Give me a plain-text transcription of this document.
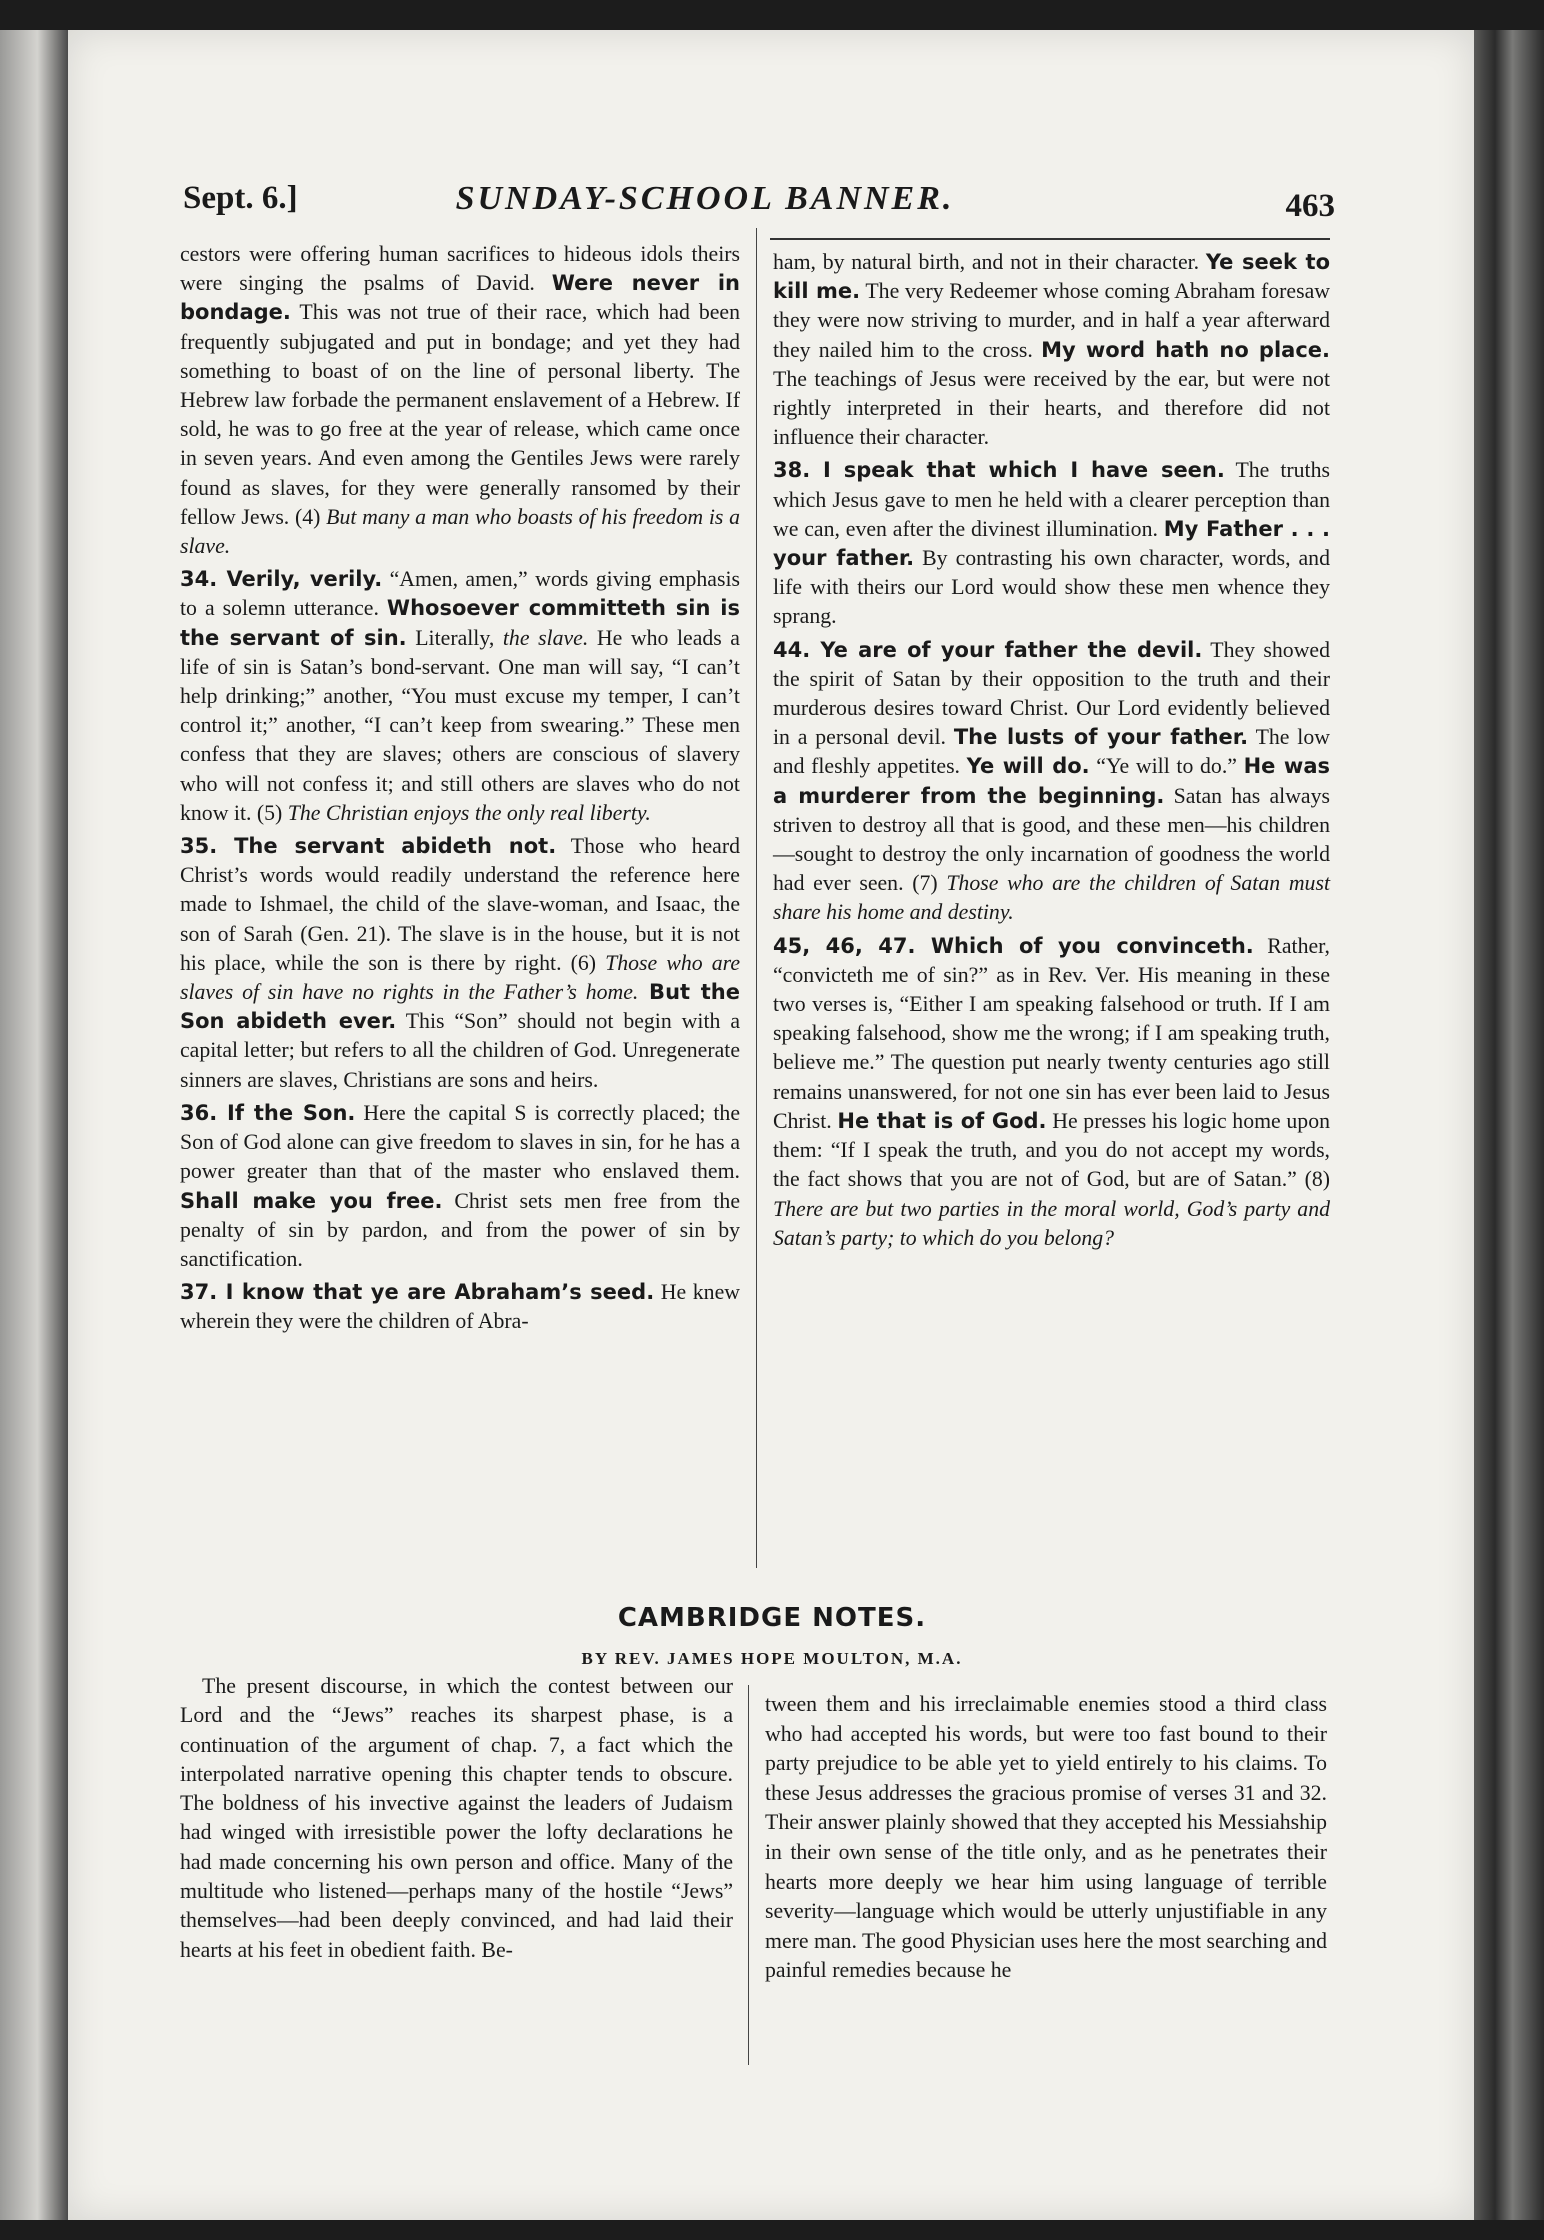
Sept. 6.]	SUNDAY-SCHOOL BANNER.	463

cestors were offering human sacrifices to hideous idols theirs were singing the psalms of David. Were never in bondage. This was not true of their race, which had been frequently subjugated and put in bondage; and yet they had something to boast of on the line of personal liberty. The Hebrew law forbade the permanent enslavement of a Hebrew. If sold, he was to go free at the year of release, which came once in seven years. And even among the Gentiles Jews were rarely found as slaves, for they were generally ransomed by their fellow Jews. (4) But many a man who boasts of his freedom is a slave.

34. Verily, verily. “Amen, amen,” words giving emphasis to a solemn utterance. Whosoever committeth sin is the servant of sin. Literally, the slave. He who leads a life of sin is Satan’s bond-servant. One man will say, “I can’t help drinking;” another, “You must excuse my temper, I can’t control it;” another, “I can’t keep from swearing.” These men confess that they are slaves; others are conscious of slavery who will not confess it; and still others are slaves who do not know it. (5) The Christian enjoys the only real liberty.

35. The servant abideth not. Those who heard Christ’s words would readily understand the reference here made to Ishmael, the child of the slave-woman, and Isaac, the son of Sarah (Gen. 21). The slave is in the house, but it is not his place, while the son is there by right. (6) Those who are slaves of sin have no rights in the Father’s home. But the Son abideth ever. This “Son” should not begin with a capital letter; but refers to all the children of God. Unregenerate sinners are slaves, Christians are sons and heirs.

36. If the Son. Here the capital S is correctly placed; the Son of God alone can give freedom to slaves in sin, for he has a power greater than that of the master who enslaved them. Shall make you free. Christ sets men free from the penalty of sin by pardon, and from the power of sin by sanctification.

37. I know that ye are Abraham’s seed. He knew wherein they were the children of Abra-

ham, by natural birth, and not in their character. Ye seek to kill me. The very Redeemer whose coming Abraham foresaw they were now striving to murder, and in half a year afterward they nailed him to the cross. My word hath no place. The teachings of Jesus were received by the ear, but were not rightly interpreted in their hearts, and therefore did not influence their character.

38. I speak that which I have seen. The truths which Jesus gave to men he held with a clearer perception than we can, even after the divinest illumination. My Father . . . your father. By contrasting his own character, words, and life with theirs our Lord would show these men whence they sprang.

44. Ye are of your father the devil. They showed the spirit of Satan by their opposition to the truth and their murderous desires toward Christ. Our Lord evidently believed in a personal devil. The lusts of your father. The low and fleshly appetites. Ye will do. “Ye will to do.” He was a murderer from the beginning. Satan has always striven to destroy all that is good, and these men—his children—sought to destroy the only incarnation of goodness the world had ever seen. (7) Those who are the children of Satan must share his home and destiny.

45, 46, 47. Which of you convinceth. Rather, “convicteth me of sin?” as in Rev. Ver. His meaning in these two verses is, “Either I am speaking falsehood or truth. If I am speaking falsehood, show me the wrong; if I am speaking truth, believe me.” The question put nearly twenty centuries ago still remains unanswered, for not one sin has ever been laid to Jesus Christ. He that is of God. He presses his logic home upon them: “If I speak the truth, and you do not accept my words, the fact shows that you are not of God, but are of Satan.” (8) There are but two parties in the moral world, God’s party and Satan’s party; to which do you belong?

CAMBRIDGE NOTES.
BY REV. JAMES HOPE MOULTON, M.A.

The present discourse, in which the contest between our Lord and the “Jews” reaches its sharpest phase, is a continuation of the argument of chap. 7, a fact which the interpolated narrative opening this chapter tends to obscure. The boldness of his invective against the leaders of Judaism had winged with irresistible power the lofty declarations he had made concerning his own person and office. Many of the multitude who listened—perhaps many of the hostile “Jews” themselves—had been deeply convinced, and had laid their hearts at his feet in obedient faith. Be-

tween them and his irreclaimable enemies stood a third class who had accepted his words, but were too fast bound to their party prejudice to be able yet to yield entirely to his claims. To these Jesus addresses the gracious promise of verses 31 and 32. Their answer plainly showed that they accepted his Messiahship in their own sense of the title only, and as he penetrates their hearts more deeply we hear him using language of terrible severity—language which would be utterly unjustifiable in any mere man. The good Physician uses here the most searching and painful remedies because he
